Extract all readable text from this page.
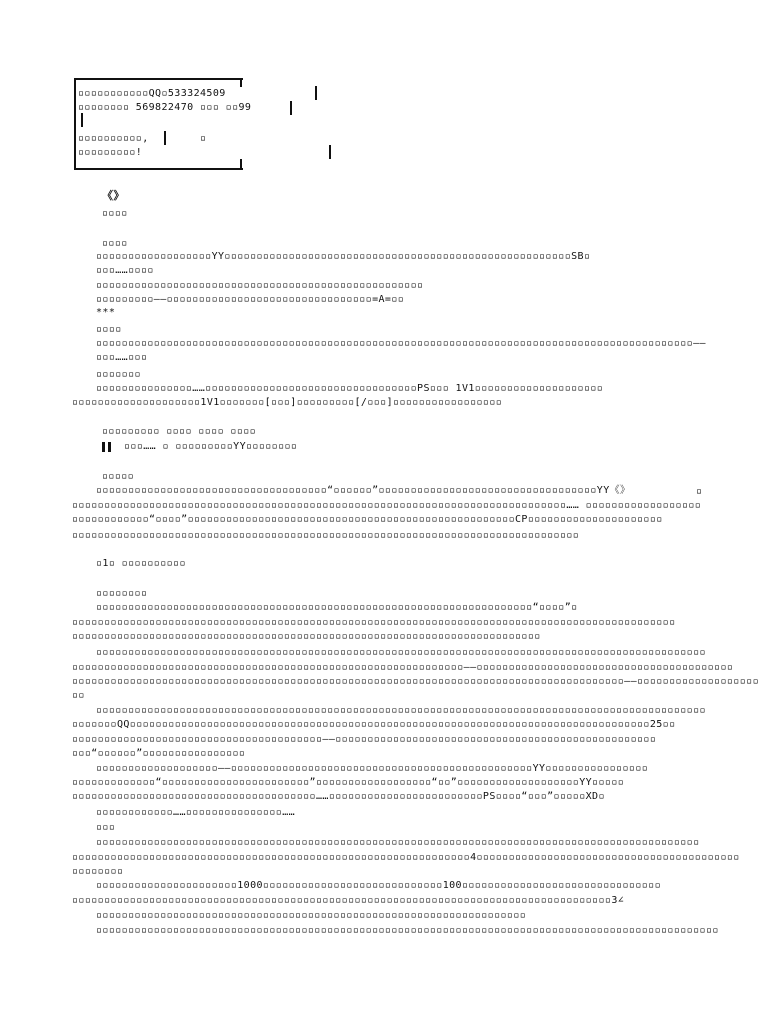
▫▫▫▫▫▫▫▫▫▫▫QQ▫533324509
▫▫▫▫▫▫▫▫ 569822470 ▫▫▫ ▫▫99
▫▫▫▫▫▫▫▫▫▫,	▫
▫▫▫▫▫▫▫▫▫!
《》
▫▫▫▫
▫▫▫▫
▫▫▫▫▫▫▫▫▫▫▫▫▫▫▫▫▫▫YY▫▫▫▫▫▫▫▫▫▫▫▫▫▫▫▫▫▫▫▫▫▫▫▫▫▫▫▫▫▫▫▫▫▫▫▫▫▫▫▫▫▫▫▫▫▫▫▫▫▫▫▫▫▫SB▫
▫▫▫……▫▫▫▫
▫▫▫▫▫▫▫▫▫▫▫▫▫▫▫▫▫▫▫▫▫▫▫▫▫▫▫▫▫▫▫▫▫▫▫▫▫▫▫▫▫▫▫▫▫▫▫▫▫▫▫
▫▫▫▫▫▫▫▫▫——▫▫▫▫▫▫▫▫▫▫▫▫▫▫▫▫▫▫▫▫▫▫▫▫▫▫▫▫▫▫▫▫=A=▫▫
***
▫▫▫▫
▫▫▫▫▫▫▫▫▫▫▫▫▫▫▫▫▫▫▫▫▫▫▫▫▫▫▫▫▫▫▫▫▫▫▫▫▫▫▫▫▫▫▫▫▫▫▫▫▫▫▫▫▫▫▫▫▫▫▫▫▫▫▫▫▫▫▫▫▫▫▫▫▫▫▫▫▫▫▫▫▫▫▫▫▫▫▫▫▫▫▫▫▫——
▫▫▫……▫▫▫
▫▫▫▫▫▫▫
▫▫▫▫▫▫▫▫▫▫▫▫▫▫▫……▫▫▫▫▫▫▫▫▫▫▫▫▫▫▫▫▫▫▫▫▫▫▫▫▫▫▫▫▫▫▫▫▫PS▫▫▫ 1V1▫▫▫▫▫▫▫▫▫▫▫▫▫▫▫▫▫▫▫▫
▫▫▫▫▫▫▫▫▫▫▫▫▫▫▫▫▫▫▫▫1V1▫▫▫▫▫▫▫[▫▫▫]▫▫▫▫▫▫▫▫▫[/▫▫▫]▫▫▫▫▫▫▫▫▫▫▫▫▫▫▫▫▫
▫▫▫▫▫▫▫▫▫ ▫▫▫▫ ▫▫▫▫ ▫▫▫▫
▫▫▫…… ▫ ▫▫▫▫▫▫▫▫▫YY▫▫▫▫▫▫▫▫
▫▫▫▫▫
▫▫▫▫▫▫▫▫▫▫▫▫▫▫▫▫▫▫▫▫▫▫▫▫▫▫▫▫▫▫▫▫▫▫▫▫“▫▫▫▫▫▫”▫▫▫▫▫▫▫▫▫▫▫▫▫▫▫▫▫▫▫▫▫▫▫▫▫▫▫▫▫▫▫▫▫▫YY《》	▫
▫▫▫▫▫▫▫▫▫▫▫▫▫▫▫▫▫▫▫▫▫▫▫▫▫▫▫▫▫▫▫▫▫▫▫▫▫▫▫▫▫▫▫▫▫▫▫▫▫▫▫▫▫▫▫▫▫▫▫▫▫▫▫▫▫▫▫▫▫▫▫▫▫▫▫▫▫…… ▫▫▫▫▫▫▫▫▫▫▫▫▫▫▫▫▫▫
▫▫▫▫▫▫▫▫▫▫▫▫“▫▫▫▫”▫▫▫▫▫▫▫▫▫▫▫▫▫▫▫▫▫▫▫▫▫▫▫▫▫▫▫▫▫▫▫▫▫▫▫▫▫▫▫▫▫▫▫▫▫▫▫▫▫▫▫CP▫▫▫▫▫▫▫▫▫▫▫▫▫▫▫▫▫▫▫▫▫
▫▫▫▫▫▫▫▫▫▫▫▫▫▫▫▫▫▫▫▫▫▫▫▫▫▫▫▫▫▫▫▫▫▫▫▫▫▫▫▫▫▫▫▫▫▫▫▫▫▫▫▫▫▫▫▫▫▫▫▫▫▫▫▫▫▫▫▫▫▫▫▫▫▫▫▫▫▫▫
▫1▫ ▫▫▫▫▫▫▫▫▫▫
▫▫▫▫▫▫▫▫
▫▫▫▫▫▫▫▫▫▫▫▫▫▫▫▫▫▫▫▫▫▫▫▫▫▫▫▫▫▫▫▫▫▫▫▫▫▫▫▫▫▫▫▫▫▫▫▫▫▫▫▫▫▫▫▫▫▫▫▫▫▫▫▫▫▫▫▫“▫▫▫▫”▫
▫▫▫▫▫▫▫▫▫▫▫▫▫▫▫▫▫▫▫▫▫▫▫▫▫▫▫▫▫▫▫▫▫▫▫▫▫▫▫▫▫▫▫▫▫▫▫▫▫▫▫▫▫▫▫▫▫▫▫▫▫▫▫▫▫▫▫▫▫▫▫▫▫▫▫▫▫▫▫▫▫▫▫▫▫▫▫▫▫▫▫▫▫▫
▫▫▫▫▫▫▫▫▫▫▫▫▫▫▫▫▫▫▫▫▫▫▫▫▫▫▫▫▫▫▫▫▫▫▫▫▫▫▫▫▫▫▫▫▫▫▫▫▫▫▫▫▫▫▫▫▫▫▫▫▫▫▫▫▫▫▫▫▫▫▫▫▫
▫▫▫▫▫▫▫▫▫▫▫▫▫▫▫▫▫▫▫▫▫▫▫▫▫▫▫▫▫▫▫▫▫▫▫▫▫▫▫▫▫▫▫▫▫▫▫▫▫▫▫▫▫▫▫▫▫▫▫▫▫▫▫▫▫▫▫▫▫▫▫▫▫▫▫▫▫▫▫▫▫▫▫▫▫▫▫▫▫▫▫▫▫▫▫
▫▫▫▫▫▫▫▫▫▫▫▫▫▫▫▫▫▫▫▫▫▫▫▫▫▫▫▫▫▫▫▫▫▫▫▫▫▫▫▫▫▫▫▫▫▫▫▫▫▫▫▫▫▫▫▫▫▫▫▫▫——▫▫▫▫▫▫▫▫▫▫▫▫▫▫▫▫▫▫▫▫▫▫▫▫▫▫▫▫▫▫▫▫▫▫▫▫▫▫▫▫
▫▫▫▫▫▫▫▫▫▫▫▫▫▫▫▫▫▫▫▫▫▫▫▫▫▫▫▫▫▫▫▫▫▫▫▫▫▫▫▫▫▫▫▫▫▫▫▫▫▫▫▫▫▫▫▫▫▫▫▫▫▫▫▫▫▫▫▫▫▫▫▫▫▫▫▫▫▫▫▫▫▫▫▫▫▫——▫▫▫▫▫▫▫▫▫▫▫▫▫▫▫▫▫▫▫
▫▫
▫▫▫▫▫▫▫▫▫▫▫▫▫▫▫▫▫▫▫▫▫▫▫▫▫▫▫▫▫▫▫▫▫▫▫▫▫▫▫▫▫▫▫▫▫▫▫▫▫▫▫▫▫▫▫▫▫▫▫▫▫▫▫▫▫▫▫▫▫▫▫▫▫▫▫▫▫▫▫▫▫▫▫▫▫▫▫▫▫▫▫▫▫▫▫
▫▫▫▫▫▫▫QQ▫▫▫▫▫▫▫▫▫▫▫▫▫▫▫▫▫▫▫▫▫▫▫▫▫▫▫▫▫▫▫▫▫▫▫▫▫▫▫▫▫▫▫▫▫▫▫▫▫▫▫▫▫▫▫▫▫▫▫▫▫▫▫▫▫▫▫▫▫▫▫▫▫▫▫▫▫▫▫▫▫25▫▫
▫▫▫▫▫▫▫▫▫▫▫▫▫▫▫▫▫▫▫▫▫▫▫▫▫▫▫▫▫▫▫▫▫▫▫▫▫▫▫——▫▫▫▫▫▫▫▫▫▫▫▫▫▫▫▫▫▫▫▫▫▫▫▫▫▫▫▫▫▫▫▫▫▫▫▫▫▫▫▫▫▫▫▫▫▫▫▫▫▫
▫▫▫“▫▫▫▫▫▫”▫▫▫▫▫▫▫▫▫▫▫▫▫▫▫▫
▫▫▫▫▫▫▫▫▫▫▫▫▫▫▫▫▫▫▫——▫▫▫▫▫▫▫▫▫▫▫▫▫▫▫▫▫▫▫▫▫▫▫▫▫▫▫▫▫▫▫▫▫▫▫▫▫▫▫▫▫▫▫▫▫▫▫YY▫▫▫▫▫▫▫▫▫▫▫▫▫▫▫▫
▫▫▫▫▫▫▫▫▫▫▫▫▫“▫▫▫▫▫▫▫▫▫▫▫▫▫▫▫▫▫▫▫▫▫▫▫”▫▫▫▫▫▫▫▫▫▫▫▫▫▫▫▫▫▫“▫▫”▫▫▫▫▫▫▫▫▫▫▫▫▫▫▫▫▫▫▫YY▫▫▫▫▫
▫▫▫▫▫▫▫▫▫▫▫▫▫▫▫▫▫▫▫▫▫▫▫▫▫▫▫▫▫▫▫▫▫▫▫▫▫▫……▫▫▫▫▫▫▫▫▫▫▫▫▫▫▫▫▫▫▫▫▫▫▫▫PS▫▫▫▫“▫▫▫”▫▫▫▫▫XD▫
▫▫▫▫▫▫▫▫▫▫▫▫……▫▫▫▫▫▫▫▫▫▫▫▫▫▫▫……
▫▫▫
▫▫▫▫▫▫▫▫▫▫▫▫▫▫▫▫▫▫▫▫▫▫▫▫▫▫▫▫▫▫▫▫▫▫▫▫▫▫▫▫▫▫▫▫▫▫▫▫▫▫▫▫▫▫▫▫▫▫▫▫▫▫▫▫▫▫▫▫▫▫▫▫▫▫▫▫▫▫▫▫▫▫▫▫▫▫▫▫▫▫▫▫▫▫
▫▫▫▫▫▫▫▫▫▫▫▫▫▫▫▫▫▫▫▫▫▫▫▫▫▫▫▫▫▫▫▫▫▫▫▫▫▫▫▫▫▫▫▫▫▫▫▫▫▫▫▫▫▫▫▫▫▫▫▫▫▫4▫▫▫▫▫▫▫▫▫▫▫▫▫▫▫▫▫▫▫▫▫▫▫▫▫▫▫▫▫▫▫▫▫▫▫▫▫▫▫▫▫
▫▫▫▫▫▫▫▫
▫▫▫▫▫▫▫▫▫▫▫▫▫▫▫▫▫▫▫▫▫▫1000▫▫▫▫▫▫▫▫▫▫▫▫▫▫▫▫▫▫▫▫▫▫▫▫▫▫▫▫100▫▫▫▫▫▫▫▫▫▫▫▫▫▫▫▫▫▫▫▫▫▫▫▫▫▫▫▫▫▫▫
▫▫▫▫▫▫▫▫▫▫▫▫▫▫▫▫▫▫▫▫▫▫▫▫▫▫▫▫▫▫▫▫▫▫▫▫▫▫▫▫▫▫▫▫▫▫▫▫▫▫▫▫▫▫▫▫▫▫▫▫▫▫▫▫▫▫▫▫▫▫▫▫▫▫▫▫▫▫▫▫▫▫▫▫3∠
▫▫▫▫▫▫▫▫▫▫▫▫▫▫▫▫▫▫▫▫▫▫▫▫▫▫▫▫▫▫▫▫▫▫▫▫▫▫▫▫▫▫▫▫▫▫▫▫▫▫▫▫▫▫▫▫▫▫▫▫▫▫▫▫▫▫▫
▫▫▫▫▫▫▫▫▫▫▫▫▫▫▫▫▫▫▫▫▫▫▫▫▫▫▫▫▫▫▫▫▫▫▫▫▫▫▫▫▫▫▫▫▫▫▫▫▫▫▫▫▫▫▫▫▫▫▫▫▫▫▫▫▫▫▫▫▫▫▫▫▫▫▫▫▫▫▫▫▫▫▫▫▫▫▫▫▫▫▫▫▫▫▫▫▫
